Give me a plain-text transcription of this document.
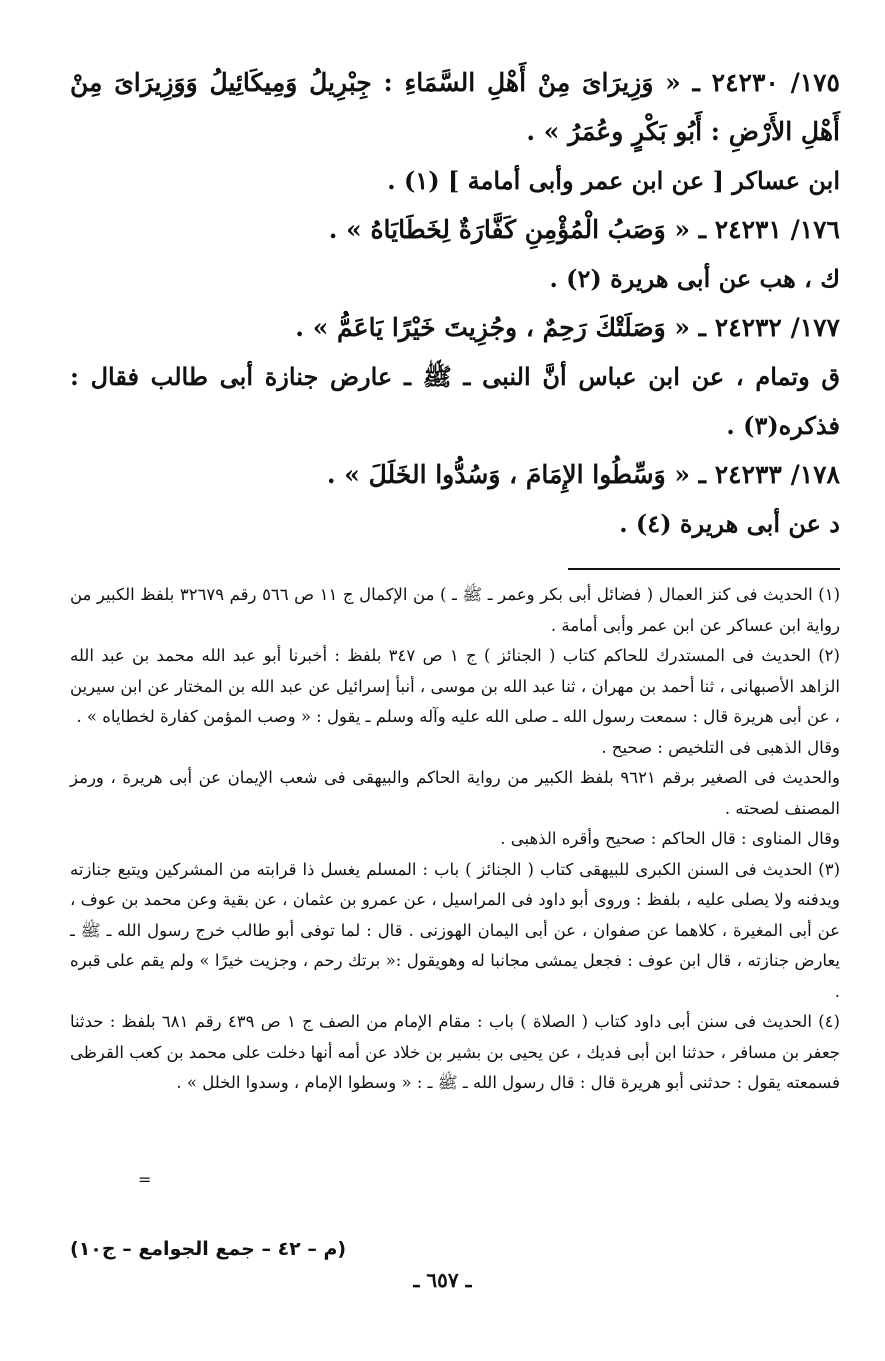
١٧٥/ ٢٤٢٣٠ ـ « وَزِيرَاىَ مِنْ أَهْلِ السَّمَاءِ : جِبْرِيلُ وَمِيكَائِيلُ وَوَزِيرَاىَ مِنْ أَهْلِ الأَرْضِ : أَبُو بَكْرٍ وعُمَرُ » .

ابن عساكر [ عن ابن عمر وأبى أمامة ] (١) .

١٧٦/ ٢٤٢٣١ ـ « وَصَبُ الْمُؤْمِنِ كَفَّارَةٌ لِخَطَايَاهُ » .

ك ، هب عن أبى هريرة (٢) .

١٧٧/ ٢٤٢٣٢ ـ « وَصَلَتْكَ رَحِمٌ ، وجُزِيتَ خَيْرًا يَاعَمُّ » .

ق وتمام ، عن ابن عباس أنَّ النبى ـ ﷺ ـ عارض جنازة أبى طالب فقال : فذكره(٣) .

١٧٨/ ٢٤٢٣٣ ـ « وَسِّطُوا الإِمَامَ ، وَسُدُّوا الخَلَلَ » .

د عن أبى هريرة (٤) .

(١) الحديث فى كنز العمال ( فضائل أبى بكر وعمر ـ ﷺ ـ ) من الإكمال ج ١١ ص ٥٦٦ رقم ٣٢٦٧٩ بلفظ الكبير من رواية ابن عساكر عن ابن عمر وأبى أمامة .

(٢) الحديث فى المستدرك للحاكم كتاب ( الجنائز ) ج ١ ص ٣٤٧ بلفظ : أخبرنا أبو عبد الله محمد بن عبد الله الزاهد الأصبهانى ، ثنا أحمد بن مهران ، ثنا عبد الله بن موسى ، أنبأ إسرائيل عن عبد الله بن المختار عن ابن سيرين ، عن أبى هريرة قال : سمعت رسول الله ـ صلى الله عليه وآله وسلم ـ يقول : « وصب المؤمن كفارة لخطاياه » .

وقال الذهبى فى التلخيص : صحيح .

والحديث فى الصغير برقم ٩٦٢١ بلفظ الكبير من رواية الحاكم والبيهقى فى شعب الإيمان عن أبى هريرة ، ورمز المصنف لصحته .

وقال المناوى : قال الحاكم : صحيح وأقره الذهبى .

(٣) الحديث فى السنن الكبرى للبيهقى كتاب ( الجنائز ) باب : المسلم يغسل ذا قرابته من المشركين ويتبع جنازته ويدفنه ولا يصلى عليه ، بلفظ : وروى أبو داود فى المراسيل ، عن عمرو بن عثمان ، عن بقية وعن محمد بن عوف ، عن أبى المغيرة ، كلاهما عن صفوان ، عن أبى اليمان الهوزنى . قال : لما توفى أبو طالب خرج رسول الله ـ ﷺ ـ يعارض جنازته ، قال ابن عوف : فجعل يمشى مجانبا له وهويقول :« برتك رحم ، وجزيت خيرًا » ولم يقم على قبره .

(٤) الحديث فى سنن أبى داود كتاب ( الصلاة ) باب : مقام الإمام من الصف ج ١ ص ٤٣٩ رقم ٦٨١ بلفظ : حدثنا جعفر بن مسافر ، حدثنا ابن أبى فديك ، عن يحيى بن بشير بن خلاد عن أمه أنها دخلت على محمد بن كعب القرظى فسمعته يقول : حدثنى أبو هريرة قال : قال رسول الله ـ ﷺ ـ : « وسطوا الإمام ، وسدوا الخلل » .

=
(م – ٤٢ – جمع الجوامع – ج١٠)
ـ ٦٥٧ ـ
